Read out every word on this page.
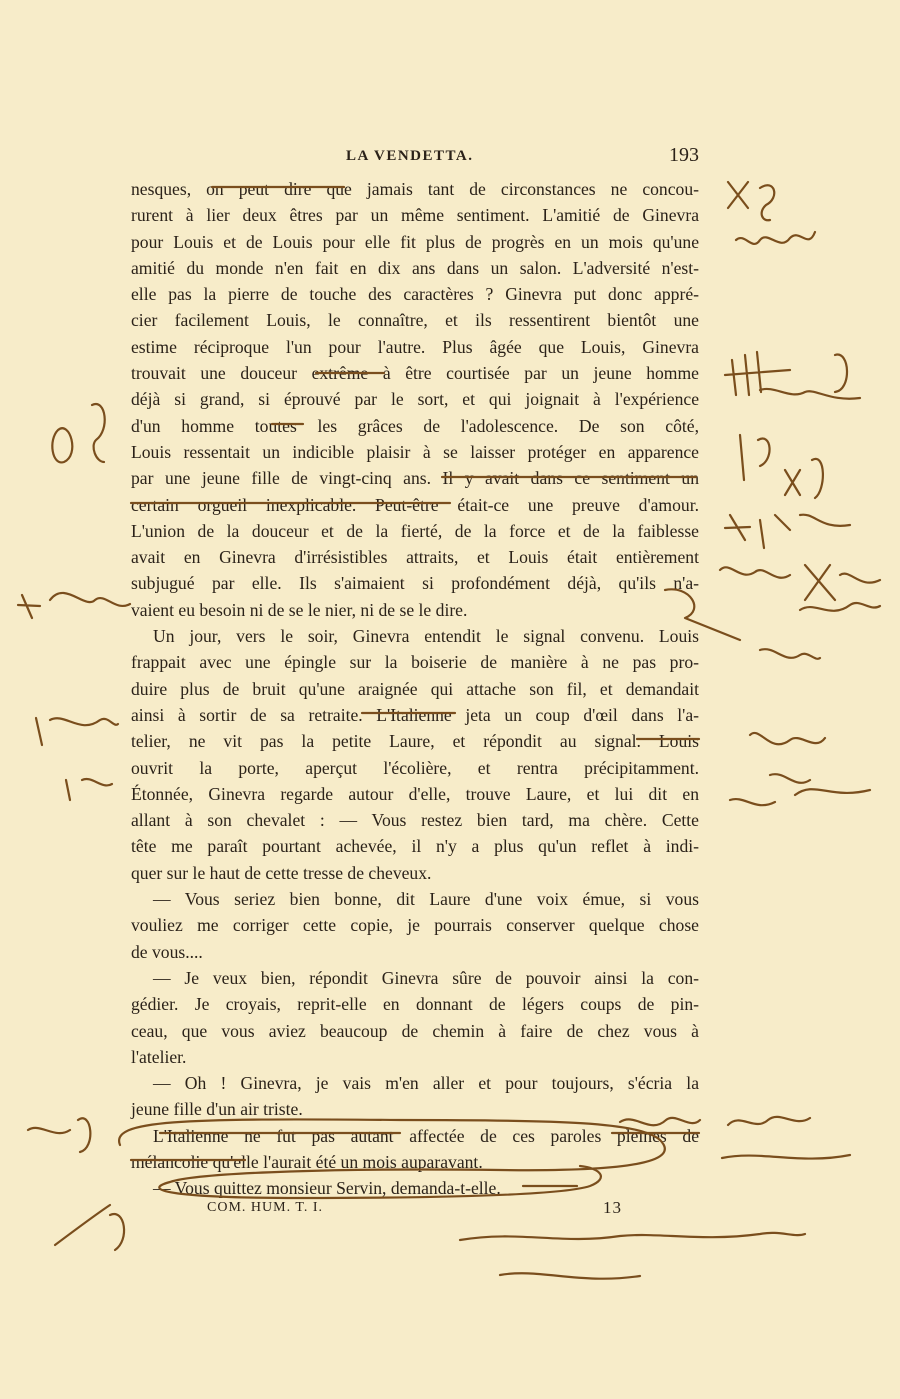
LA VENDETTA.	193
nesques, on peut dire que jamais tant de circonstances ne concou-
rurent à lier deux êtres par un même sentiment. L'amitié de Ginevra
pour Louis et de Louis pour elle fit plus de progrès en un mois qu'une
amitié du monde n'en fait en dix ans dans un salon. L'adversité n'est-
elle pas la pierre de touche des caractères ? Ginevra put donc appré-
cier facilement Louis, le connaître, et ils ressentirent bientôt une
estime réciproque l'un pour l'autre. Plus âgée que Louis, Ginevra
trouvait une douceur extrême à être courtisée par un jeune homme
déjà si grand, si éprouvé par le sort, et qui joignait à l'expérience
d'un homme toutes les grâces de l'adolescence. De son côté,
Louis ressentait un indicible plaisir à se laisser protéger en apparence
par une jeune fille de vingt-cinq ans. Il y avait dans ce sentiment un
certain orgueil inexplicable. Peut-être était-ce une preuve d'amour.
L'union de la douceur et de la fierté, de la force et de la faiblesse
avait en Ginevra d'irrésistibles attraits, et Louis était entièrement
subjugué par elle. Ils s'aimaient si profondément déjà, qu'ils n'a-
vaient eu besoin ni de se le nier, ni de se le dire.
Un jour, vers le soir, Ginevra entendit le signal convenu. Louis
frappait avec une épingle sur la boiserie de manière à ne pas pro-
duire plus de bruit qu'une araignée qui attache son fil, et demandait
ainsi à sortir de sa retraite. L'Italienne jeta un coup d'œil dans l'a-
telier, ne vit pas la petite Laure, et répondit au signal. Louis
ouvrit la porte, aperçut l'écolière, et rentra précipitamment.
Étonnée, Ginevra regarde autour d'elle, trouve Laure, et lui dit en
allant à son chevalet : — Vous restez bien tard, ma chère. Cette
tête me paraît pourtant achevée, il n'y a plus qu'un reflet à indi-
quer sur le haut de cette tresse de cheveux.
— Vous seriez bien bonne, dit Laure d'une voix émue, si vous
vouliez me corriger cette copie, je pourrais conserver quelque chose
de vous....
— Je veux bien, répondit Ginevra sûre de pouvoir ainsi la con-
gédier. Je croyais, reprit-elle en donnant de légers coups de pin-
ceau, que vous aviez beaucoup de chemin à faire de chez vous à
l'atelier.
— Oh ! Ginevra, je vais m'en aller et pour toujours, s'écria la
jeune fille d'un air triste.
L'Italienne ne fut pas autant affectée de ces paroles pleines de
mélancolie qu'elle l'aurait été un mois auparavant.
— Vous quittez monsieur Servin, demanda-t-elle.
COM. HUM. T. I.	13
